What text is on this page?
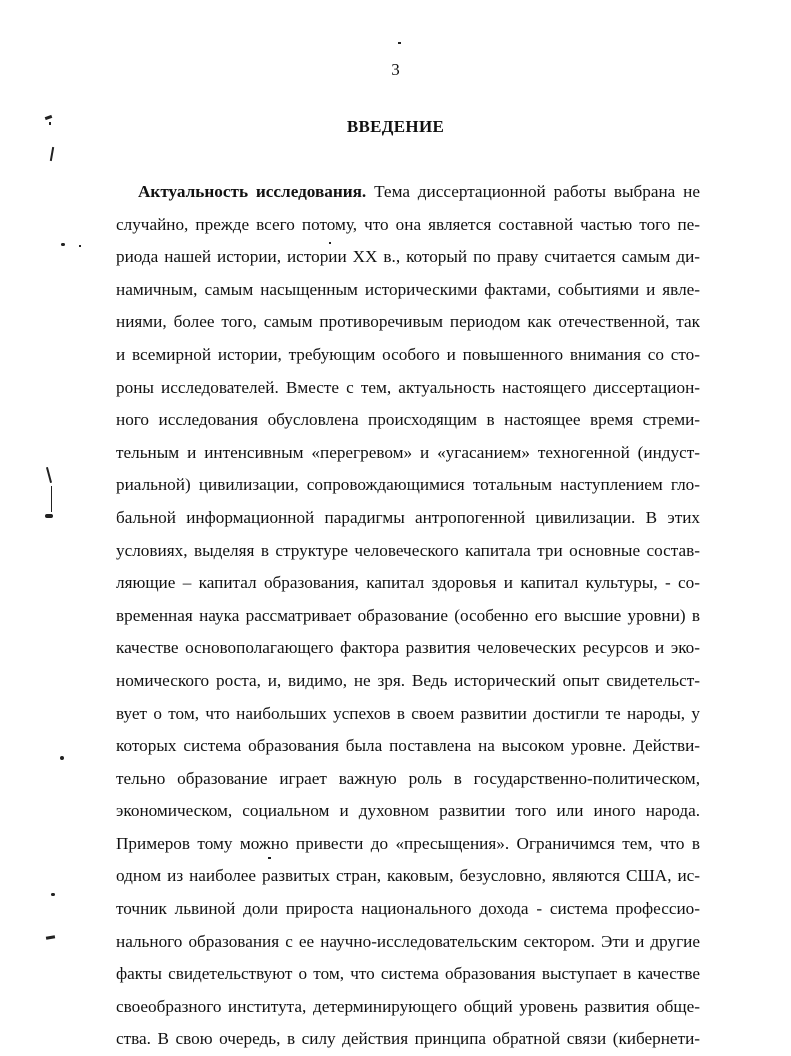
3
ВВЕДЕНИЕ
Актуальность исследования. Тема диссертационной работы выбрана не
случайно, прежде всего потому, что она является составной частью того пе-
риода нашей истории, истории XX в., который по праву считается самым ди-
намичным, самым насыщенным историческими фактами, событиями и явле-
ниями, более того, самым противоречивым периодом как отечественной, так
и всемирной истории, требующим особого и повышенного внимания со сто-
роны исследователей. Вместе с тем, актуальность настоящего диссертацион-
ного исследования обусловлена происходящим в настоящее время стреми-
тельным и интенсивным «перегревом» и «угасанием» техногенной (индуст-
риальной) цивилизации, сопровождающимися тотальным наступлением гло-
бальной информационной парадигмы антропогенной цивилизации. В этих
условиях, выделяя в структуре человеческого капитала три основные состав-
ляющие – капитал образования, капитал здоровья и капитал культуры, - со-
временная наука рассматривает образование (особенно его высшие уровни) в
качестве основополагающего фактора развития человеческих ресурсов и эко-
номического роста, и, видимо, не зря. Ведь исторический опыт свидетельст-
вует о том, что наибольших успехов в своем развитии достигли те народы, у
которых система образования была поставлена на высоком уровне. Действи-
тельно образование играет важную роль в государственно-политическом,
экономическом, социальном и духовном развитии того или иного народа.
Примеров тому можно привести до «пресыщения». Ограничимся тем, что в
одном из наиболее развитых стран, каковым, безусловно, являются США, ис-
точник львиной доли прироста национального дохода - система профессио-
нального образования с ее научно-исследовательским сектором. Эти и другие
факты свидетельствуют о том, что система образования выступает в качестве
своеобразного института, детерминирующего общий уровень развития обще-
ства. В свою очередь, в силу действия принципа обратной связи (кибернети-
